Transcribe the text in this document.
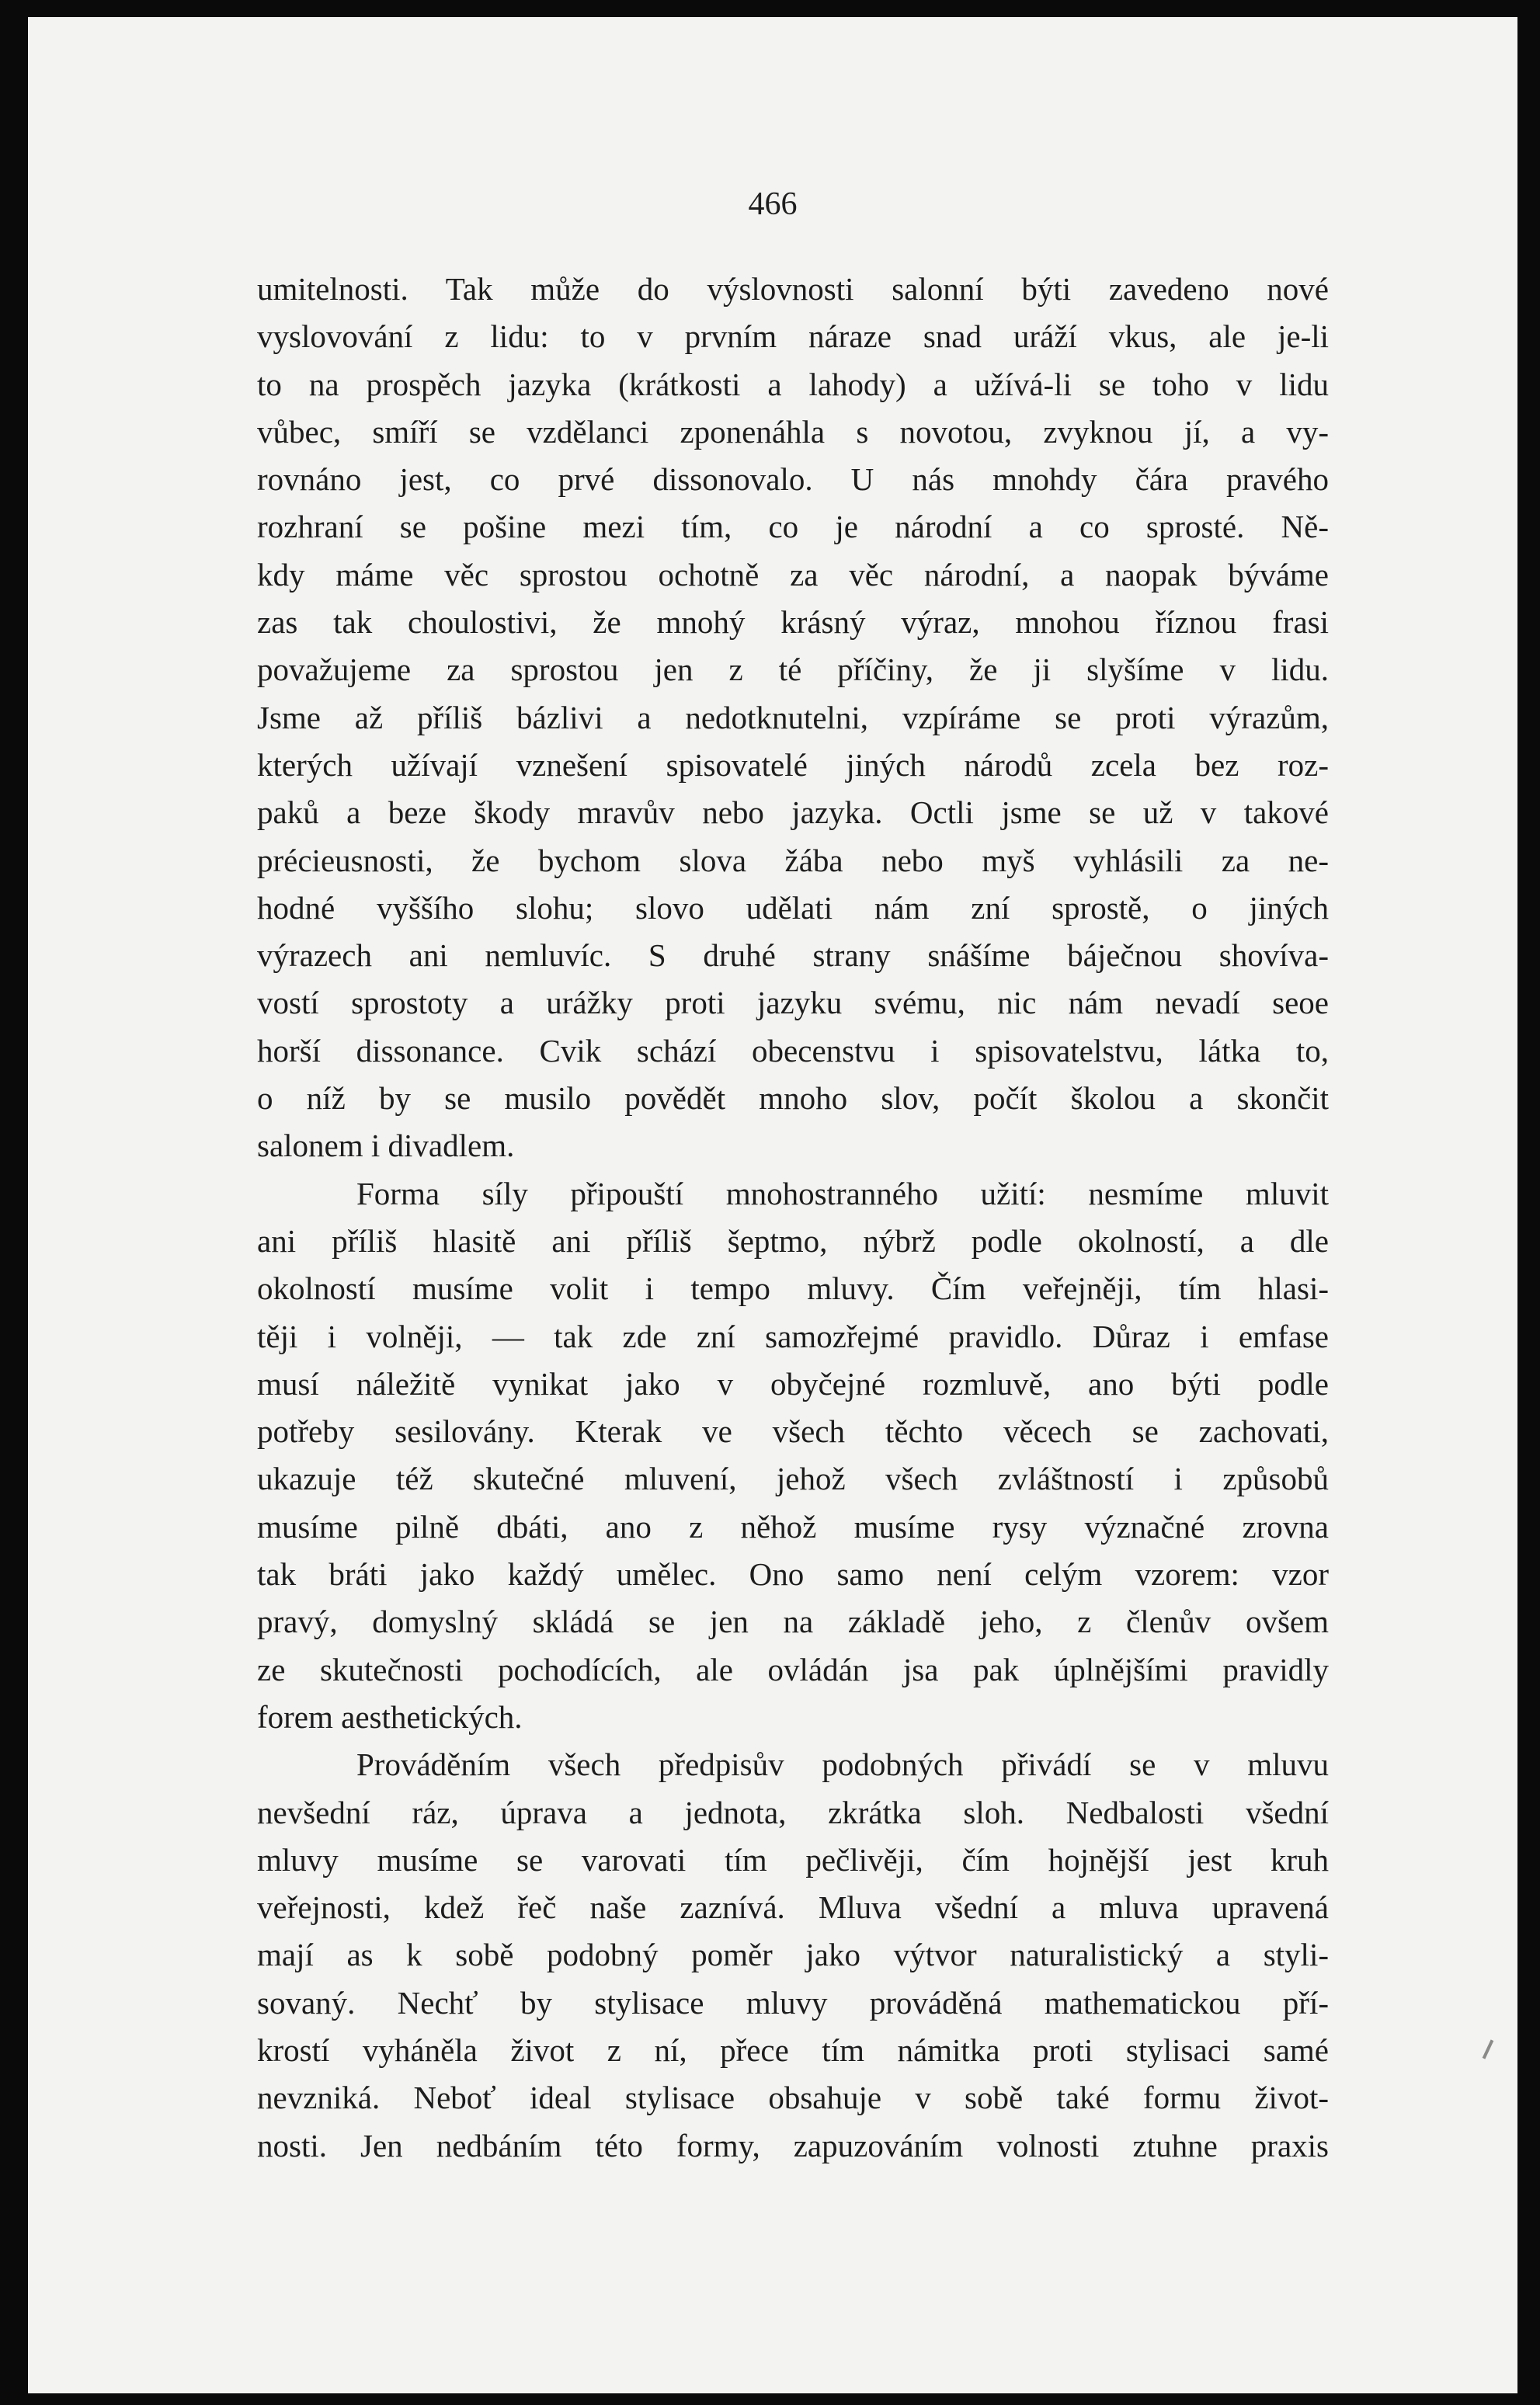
466
umitelnosti. Tak může do výslovnosti salonní býti zavedeno nové
vyslovování z lidu: to v prvním náraze snad uráží vkus, ale je-li
to na prospěch jazyka (krátkosti a lahody) a užívá-li se toho v lidu
vůbec, smíří se vzdělanci zponenáhla s novotou, zvyknou jí, a vy-
rovnáno jest, co prvé dissonovalo. U nás mnohdy čára pravého
rozhraní se pošine mezi tím, co je národní a co sprosté. Ně-
kdy máme věc sprostou ochotně za věc národní, a naopak býváme
zas tak choulostivi, že mnohý krásný výraz, mnohou říznou frasi
považujeme za sprostou jen z té příčiny, že ji slyšíme v lidu.
Jsme až příliš bázlivi a nedotknutelni, vzpíráme se proti výrazům,
kterých užívají vznešení spisovatelé jiných národů zcela bez roz-
paků a beze škody mravův nebo jazyka. Octli jsme se už v takové
précieusnosti, že bychom slova žába nebo myš vyhlásili za ne-
hodné vyššího slohu; slovo udělati nám zní sprostě, o jiných
výrazech ani nemluvíc. S druhé strany snášíme báječnou shovíva-
vostí sprostoty a urážky proti jazyku svému, nic nám nevadí seoe
horší dissonance. Cvik schází obecenstvu i spisovatelstvu, látka to,
o níž by se musilo povědět mnoho slov, počít školou a skončit
salonem i divadlem.
Forma síly připouští mnohostranného užití: nesmíme mluvit
ani příliš hlasitě ani příliš šeptmo, nýbrž podle okolností, a dle
okolností musíme volit i tempo mluvy. Čím veřejněji, tím hlasi-
těji i volněji, — tak zde zní samozřejmé pravidlo. Důraz i emfase
musí náležitě vynikat jako v obyčejné rozmluvě, ano býti podle
potřeby sesilovány. Kterak ve všech těchto věcech se zachovati,
ukazuje též skutečné mluvení, jehož všech zvláštností i způsobů
musíme pilně dbáti, ano z něhož musíme rysy význačné zrovna
tak bráti jako každý umělec. Ono samo není celým vzorem: vzor
pravý, domyslný skládá se jen na základě jeho, z členův ovšem
ze skutečnosti pochodících, ale ovládán jsa pak úplnějšími pravidly
forem aesthetických.
Prováděním všech předpisův podobných přivádí se v mluvu
nevšední ráz, úprava a jednota, zkrátka sloh. Nedbalosti všední
mluvy musíme se varovati tím pečlivěji, čím hojnější jest kruh
veřejnosti, kdež řeč naše zaznívá. Mluva všední a mluva upravená
mají as k sobě podobný poměr jako výtvor naturalistický a styli-
sovaný. Nechť by stylisace mluvy prováděná mathematickou pří-
krostí vyháněla život z ní, přece tím námitka proti stylisaci samé
nevzniká. Neboť ideal stylisace obsahuje v sobě také formu život-
nosti. Jen nedbáním této formy, zapuzováním volnosti ztuhne praxis
